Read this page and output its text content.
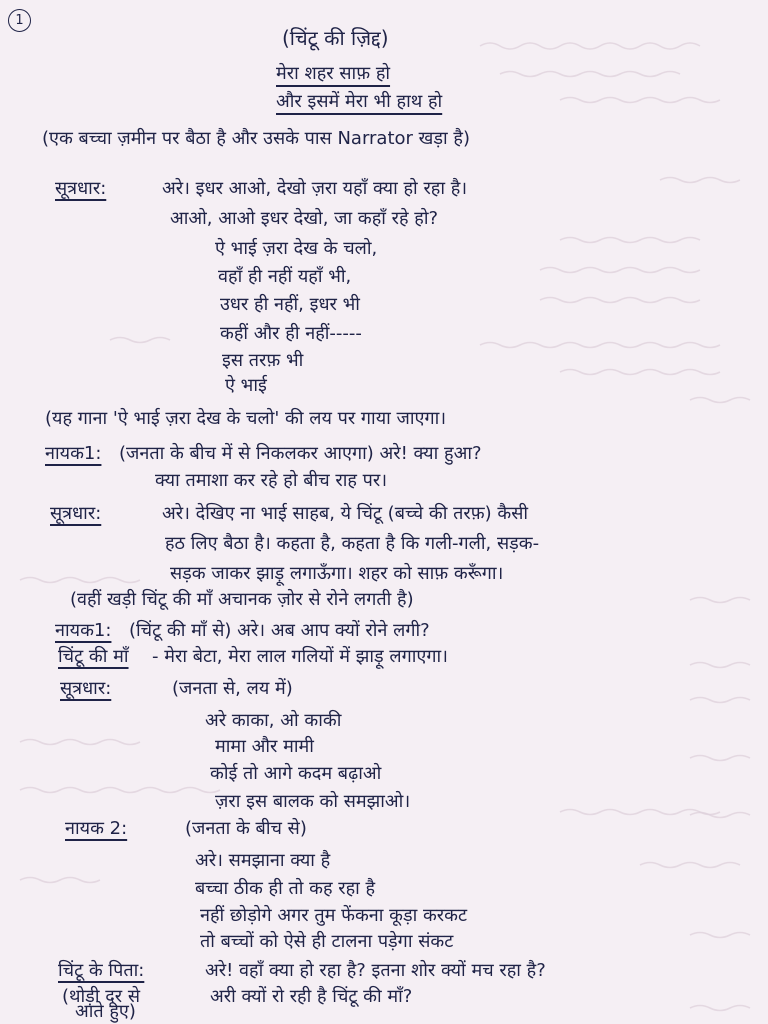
1
(चिंटू की ज़िद्द)
मेरा शहर साफ़ हो
और इसमें मेरा भी हाथ हो
(एक बच्चा ज़मीन पर बैठा है और उसके पास Narrator खड़ा है)
सूत्रधार:	अरे। इधर आओ, देखो ज़रा यहाँ क्या हो रहा है।
आओ, आओ इधर देखो, जा कहाँ रहे हो?
ऐ भाई ज़रा देख के चलो,
वहाँ ही नहीं यहाँ भी,
उधर ही नहीं, इधर भी
कहीं और ही नहीं-----
इस तरफ़ भी
ऐ भाई
(यह गाना 'ऐ भाई ज़रा देख के चलो' की लय पर गाया जाएगा।
नायक1: (जनता के बीच में से निकलकर आएगा) अरे! क्या हुआ?
क्या तमाशा कर रहे हो बीच राह पर।
सूत्रधार:	अरे। देखिए ना भाई साहब, ये चिंटू (बच्चे की तरफ़) कैसी
हठ लिए बैठा है। कहता है, कहता है कि गली-गली, सड़क-
सड़क जाकर झाड़ू लगाऊँगा। शहर को साफ़ करूँगा।
(वहीं खड़ी चिंटू की माँ अचानक ज़ोर से रोने लगती है)
नायक1: (चिंटू की माँ से) अरे। अब आप क्यों रोने लगी?
चिंटू की माँ	- मेरा बेटा, मेरा लाल गलियों में झाड़ू लगाएगा।
सूत्रधार:	(जनता से, लय में)
अरे काका, ओ काकी
मामा और मामी
कोई तो आगे कदम बढ़ाओ
ज़रा इस बालक को समझाओ।
नायक 2:	(जनता के बीच से)
अरे। समझाना क्या है
बच्चा ठीक ही तो कह रहा है
नहीं छोड़ोगे अगर तुम फेंकना कूड़ा करकट
तो बच्चों को ऐसे ही टालना पड़ेगा संकट
चिंटू के पिता:	अरे! वहाँ क्या हो रहा है? इतना शोर क्यों मच रहा है?
(थोड़ी दूर से	अरी क्यों रो रही है चिंटू की माँ?
आते हुए)
